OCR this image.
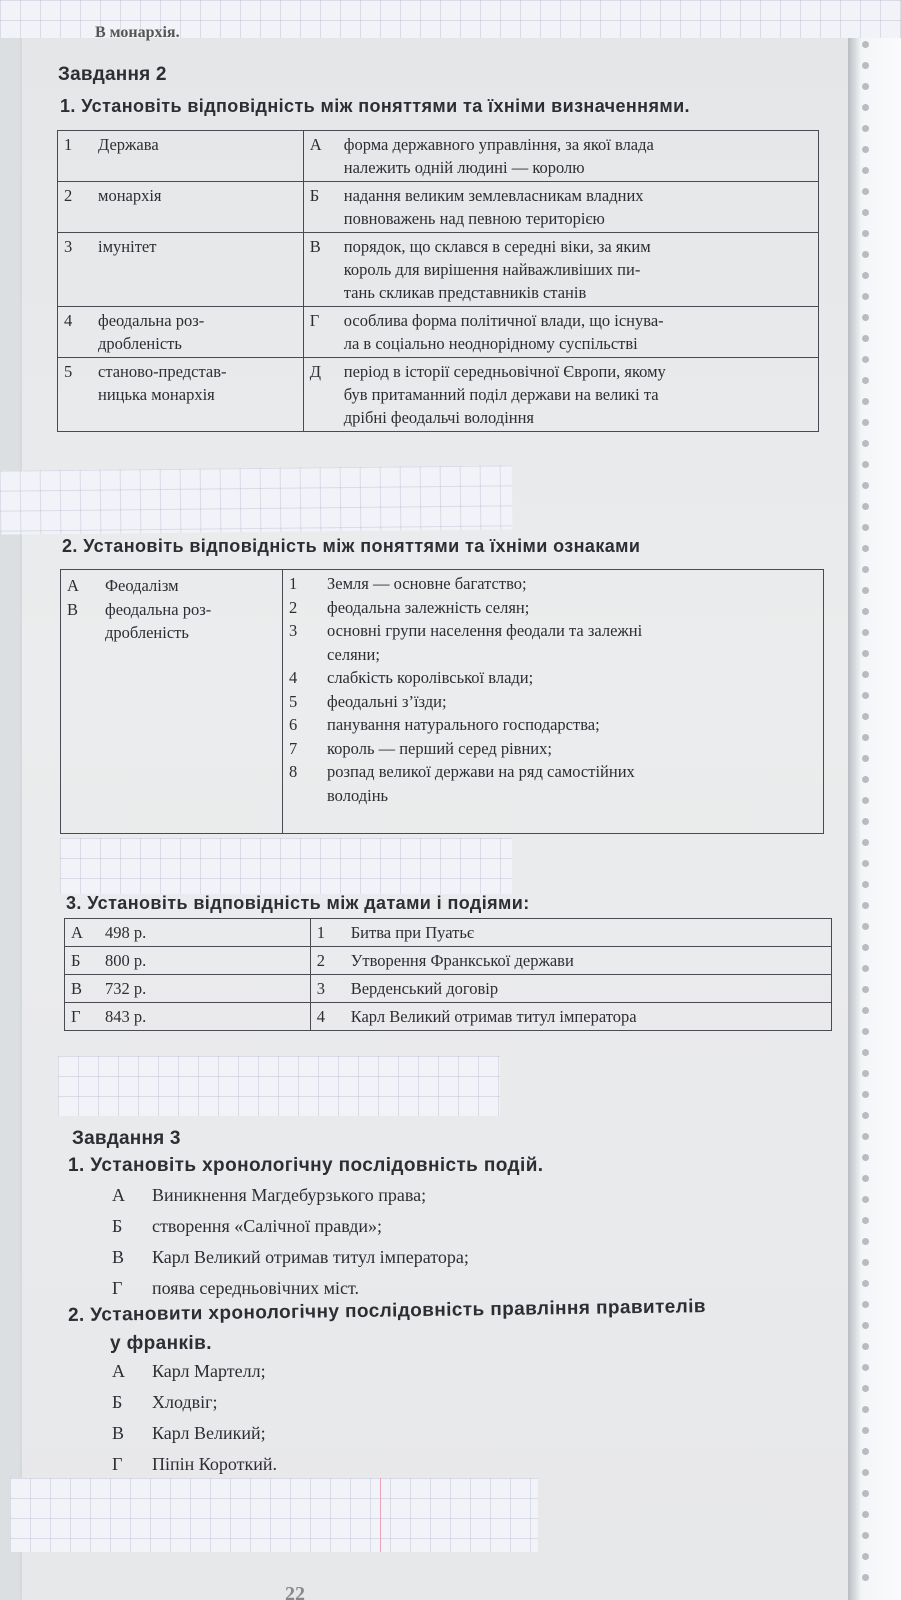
В монархія.
Завдання 2
1. Установіть відповідність між поняттями та їхніми визначеннями.
1 Держава	А форма державного управління, за якої влада
належить одній людині — королю

2 монархія	Б надання великим землевласникам владних
повноважень над певною територією

3 імунітет	В порядок, що склався в середні віки, за яким
король для вирішення найважливіших пи-
тань скликав представників станів

4 феодальна роз-
дробленість	Г особлива форма політичної влади, що існува-
ла в соціально неоднорідному суспільстві

5 станово-представ-
ницька монархія	Д період в історії середньовічної Європи, якому
був притаманний поділ держави на великі та
дрібні феодальчі володіння
2. Установіть відповідність між поняттями та їхніми ознаками
А	Феодалізм
В	феодальна роз-
дробленість
1	Земля — основне багатство;
2	феодальна залежність селян;
3	основні групи населення феодали та залежні
селяни;
4	слабкість королівської влади;
5	феодальні з’їзди;
6	панування натурального господарства;
7	король — перший серед рівних;
8	розпад великої держави на ряд самостійних
володінь
3. Установіть відповідність між датами і подіями:
А 498 р.	1 Битва при Пуатьє

Б 800 р.	2 Утворення Франкської держави

В 732 р.	3 Верденський договір

Г 843 р.	4 Карл Великий отримав титул імператора
Завдання 3
1. Установіть хронологічну послідовність подій.
А Виникнення Магдебурзького права;
Б створення «Салічної правди»;
В Карл Великий отримав титул імператора;
Г поява середньовічних міст.
2. Установити хронологічну послідовність правління правителів
у франків.
А Карл Мартелл;
Б Хлодвіг;
В Карл Великий;
Г Піпін Короткий.
22
